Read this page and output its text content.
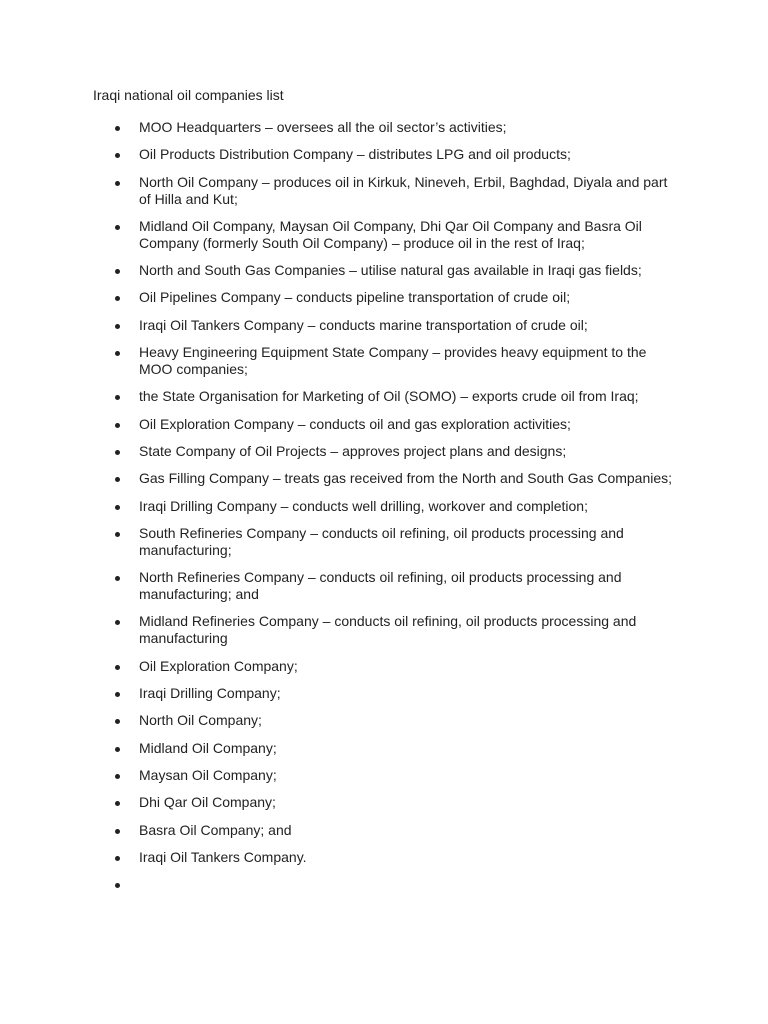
Iraqi national oil companies list
MOO Headquarters – oversees all the oil sector’s activities;
Oil Products Distribution Company – distributes LPG and oil products;
North Oil Company – produces oil in Kirkuk, Nineveh, Erbil, Baghdad, Diyala and part of Hilla and Kut;
Midland Oil Company, Maysan Oil Company, Dhi Qar Oil Company and Basra Oil Company (formerly South Oil Company) – produce oil in the rest of Iraq;
North and South Gas Companies – utilise natural gas available in Iraqi gas fields;
Oil Pipelines Company – conducts pipeline transportation of crude oil;
Iraqi Oil Tankers Company – conducts marine transportation of crude oil;
Heavy Engineering Equipment State Company – provides heavy equipment to the MOO companies;
the State Organisation for Marketing of Oil (SOMO) – exports crude oil from Iraq;
Oil Exploration Company – conducts oil and gas exploration activities;
State Company of Oil Projects – approves project plans and designs;
Gas Filling Company – treats gas received from the North and South Gas Companies;
Iraqi Drilling Company – conducts well drilling, workover and completion;
South Refineries Company – conducts oil refining, oil products processing and manufacturing;
North Refineries Company – conducts oil refining, oil products processing and manufacturing; and
Midland Refineries Company – conducts oil refining, oil products processing and manufacturing
Oil Exploration Company;
Iraqi Drilling Company;
North Oil Company;
Midland Oil Company;
Maysan Oil Company;
Dhi Qar Oil Company;
Basra Oil Company; and
Iraqi Oil Tankers Company.
